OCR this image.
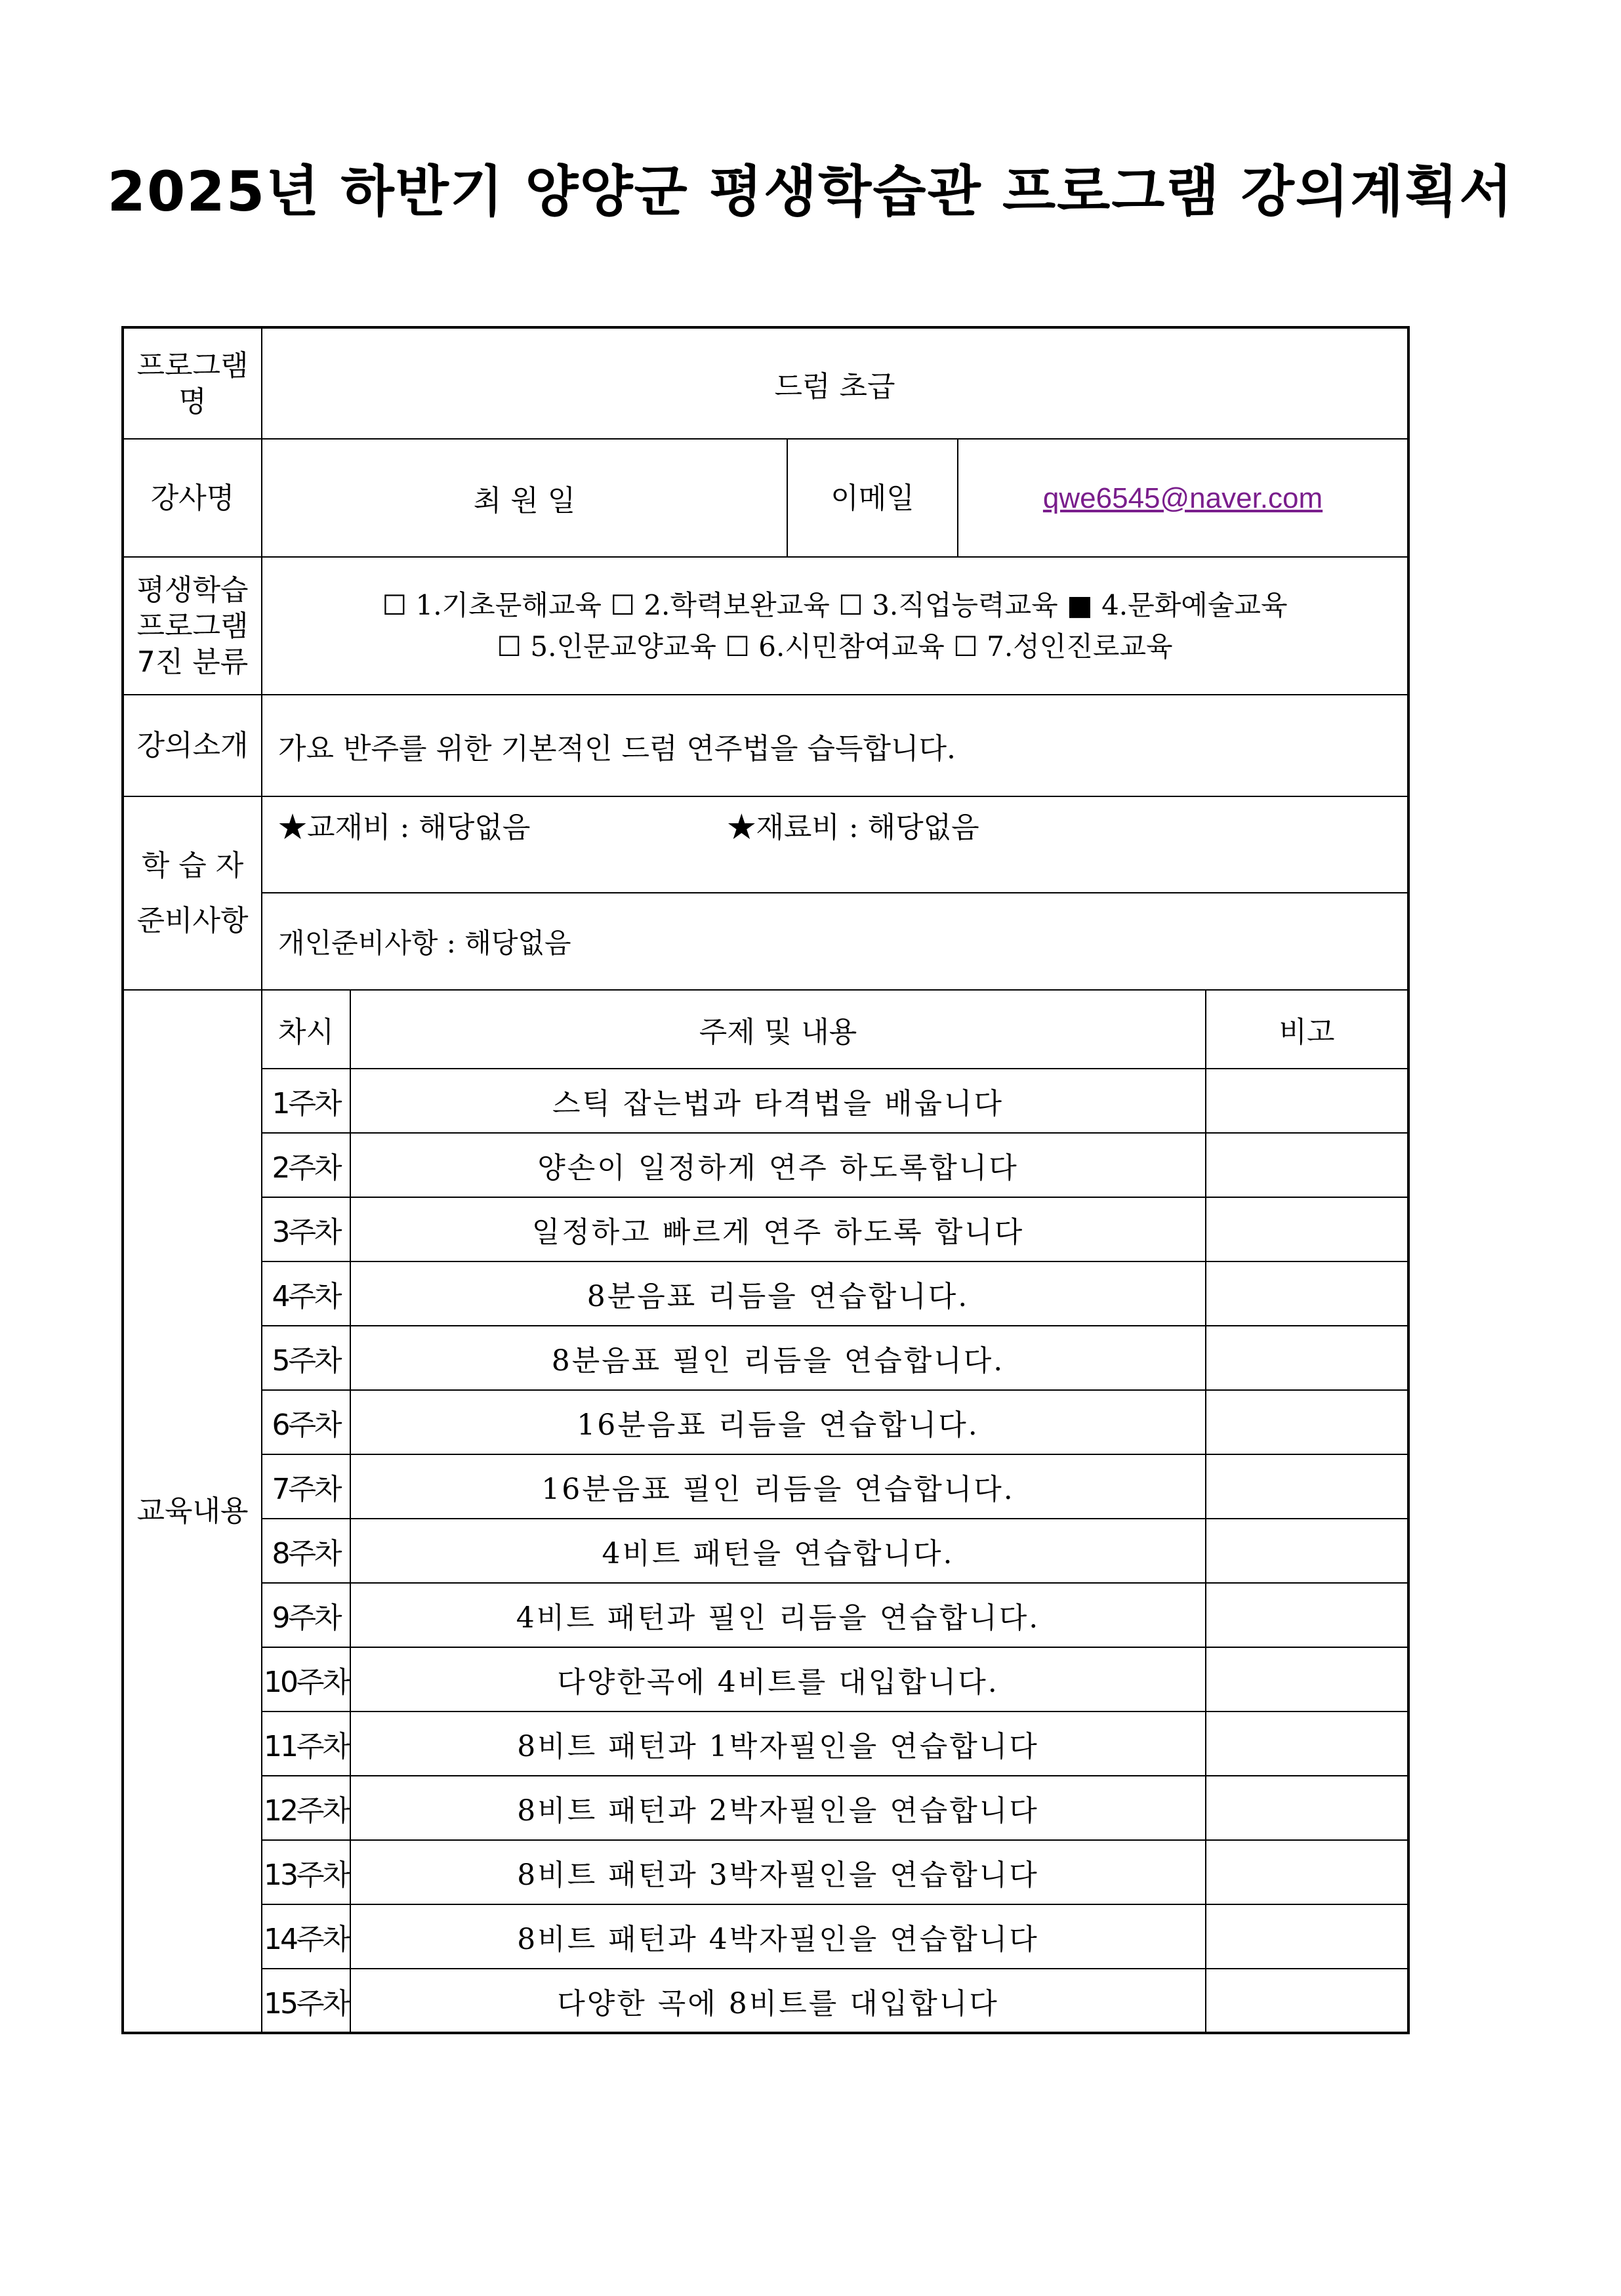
2025년 하반기 양양군 평생학습관 프로그램 강의계획서
프로그램명	드럼 초급				
강사명	최 원 일		이메일	qwe6545@naver.com	

평생학습
프로그램
7진 분류	☐ 1.기초문해교육 ☐ 2.학력보완교육 ☐ 3.직업능력교육 ■ 4.문화예술교육
☐ 5.인문교양교육 ☐ 6.시민참여교육 ☐ 7.성인진로교육				

강의소개	가요 반주를 위한 기본적인 드럼 연주법을 습득합니다.				

학 습 자
준비사항	★교재비 : 해당없음 ★재료비 : 해당없음				
	개인준비사항 : 해당없음				
교육내용	차시	주제 및 내용			비고
	1주차	스틱 잡는법과 타격법을 배웁니다			
	2주차	양손이 일정하게 연주 하도록합니다			
	3주차	일정하고 빠르게 연주 하도록 합니다			
	4주차	8분음표 리듬을 연습합니다.			
	5주차	8분음표 필인 리듬을 연습합니다.			
	6주차	16분음표 리듬을 연습합니다.			
	7주차	16분음표 필인 리듬을 연습합니다.			
	8주차	4비트 패턴을 연습합니다.			
	9주차	4비트 패턴과 필인 리듬을 연습합니다.			
	10주차	다양한곡에 4비트를 대입합니다.			
	11주차	8비트 패턴과 1박자필인을 연습합니다			
	12주차	8비트 패턴과 2박자필인을 연습합니다			
	13주차	8비트 패턴과 3박자필인을 연습합니다			
	14주차	8비트 패턴과 4박자필인을 연습합니다			
	15주차	다양한 곡에 8비트를 대입합니다			
